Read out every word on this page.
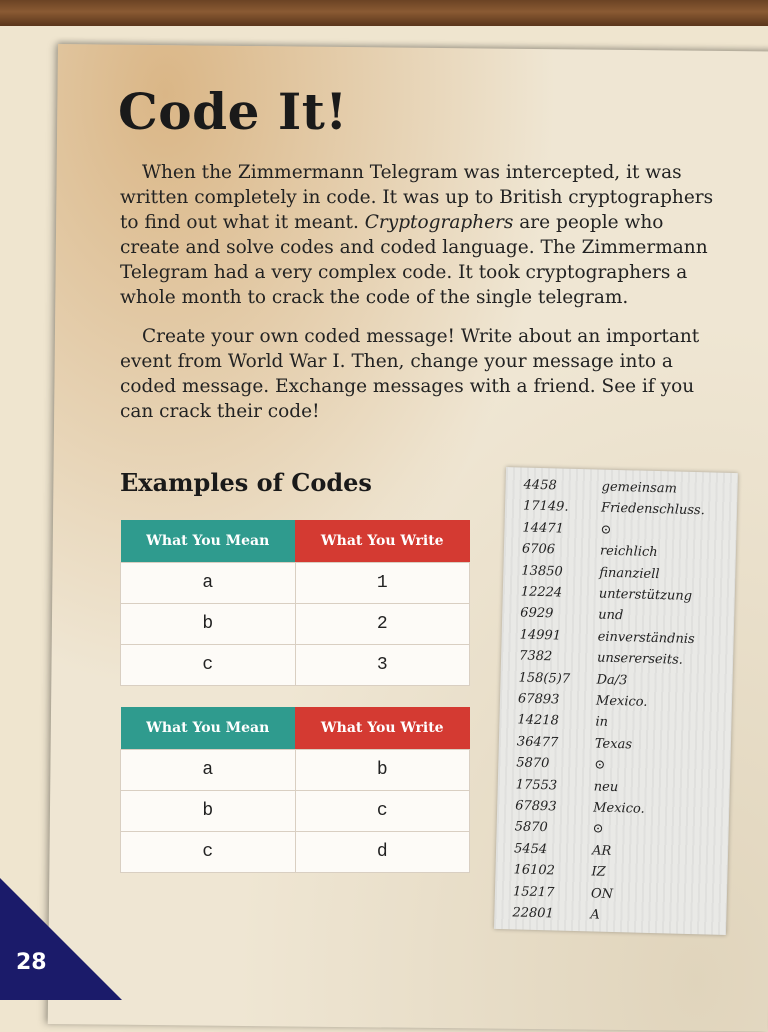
Code It!

When the Zimmermann Telegram was intercepted, it was written completely in code. It was up to British cryptographers to find out what it meant. Cryptographers are people who create and solve codes and coded language. The Zimmermann Telegram had a very complex code. It took cryptographers a whole month to crack the code of the single telegram.

Create your own coded message! Write about an important event from World War I. Then, change your message into a coded message. Exchange messages with a friend. See if you can crack their code!

Examples of Codes
What You Mean	What You Write
a	1
b	2
c	3
What You Mean	What You Write
a	b
b	c
c	d
4458	gemeinsam
17149. Friedenschluss.
14471	⊙
6706	reichlich
13850	finanziell
12224	unterstützung
6929	und
14991	einverständnis
7382	unsererseits.
158(5)7 Da/3
67893	Mexico.
14218	in
36477	Texas
5870	⊙
17553	neu
67893	Mexico.
5870	⊙
5454	AR
16102	IZ
15217	ON
22801	A
28
